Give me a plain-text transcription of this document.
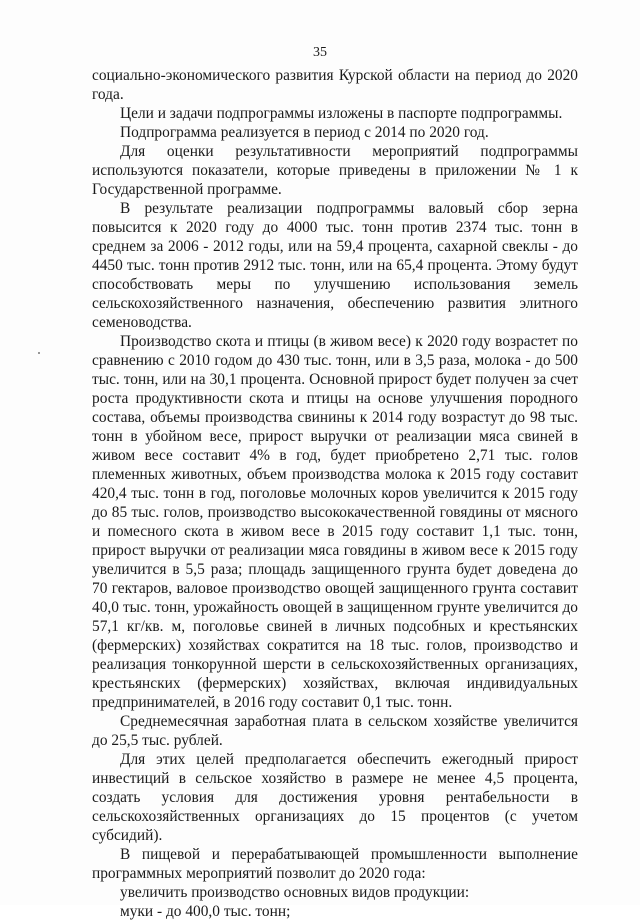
35

социально-экономического развития Курской области на период до 2020 года.

Цели и задачи подпрограммы изложены в паспорте подпрограммы.

Подпрограмма реализуется в период с 2014 по 2020 год.

Для оценки результативности мероприятий подпрограммы используются показатели, которые приведены в приложении № 1 к Государственной программе.

В результате реализации подпрограммы валовый сбор зерна повысится к 2020 году до 4000 тыс. тонн против 2374 тыс. тонн в среднем за 2006 - 2012 годы, или на 59,4 процента, сахарной свеклы - до 4450 тыс. тонн против 2912 тыс. тонн, или на 65,4 процента. Этому будут способствовать меры по улучшению использования земель сельскохозяйственного назначения, обеспечению развития элитного семеноводства.

Производство скота и птицы (в живом весе) к 2020 году возрастет по сравнению с 2010 годом до 430 тыс. тонн, или в 3,5 раза, молока - до 500 тыс. тонн, или на 30,1 процента. Основной прирост будет получен за счет роста продуктивности скота и птицы на основе улучшения породного состава, объемы производства свинины к 2014 году возрастут до 98 тыс. тонн в убойном весе, прирост выручки от реализации мяса свиней в живом весе составит 4% в год, будет приобретено 2,71 тыс. голов племенных животных, объем производства молока к 2015 году составит 420,4 тыс. тонн в год, поголовье молочных коров увеличится к 2015 году до 85 тыс. голов, производство высококачественной говядины от мясного и помесного скота в живом весе в 2015 году составит 1,1 тыс. тонн, прирост выручки от реализации мяса говядины в живом весе к 2015 году увеличится в 5,5 раза; площадь защищенного грунта будет доведена до 70 гектаров, валовое производство овощей защищенного грунта составит 40,0 тыс. тонн, урожайность овощей в защищенном грунте увеличится до 57,1 кг/кв. м, поголовье свиней в личных подсобных и крестьянских (фермерских) хозяйствах сократится на 18 тыс. голов, производство и реализация тонкорунной шерсти в сельскохозяйственных организациях, крестьянских (фермерских) хозяйствах, включая индивидуальных предпринимателей, в 2016 году составит 0,1 тыс. тонн.

Среднемесячная заработная плата в сельском хозяйстве увеличится до 25,5 тыс. рублей.

Для этих целей предполагается обеспечить ежегодный прирост инвестиций в сельское хозяйство в размере не менее 4,5 процента, создать условия для достижения уровня рентабельности в сельскохозяйственных организациях до 15 процентов (с учетом субсидий).

В пищевой и перерабатывающей промышленности выполнение программных мероприятий позволит до 2020 года:

увеличить производство основных видов продукции:

муки - до 400,0 тыс. тонн;
